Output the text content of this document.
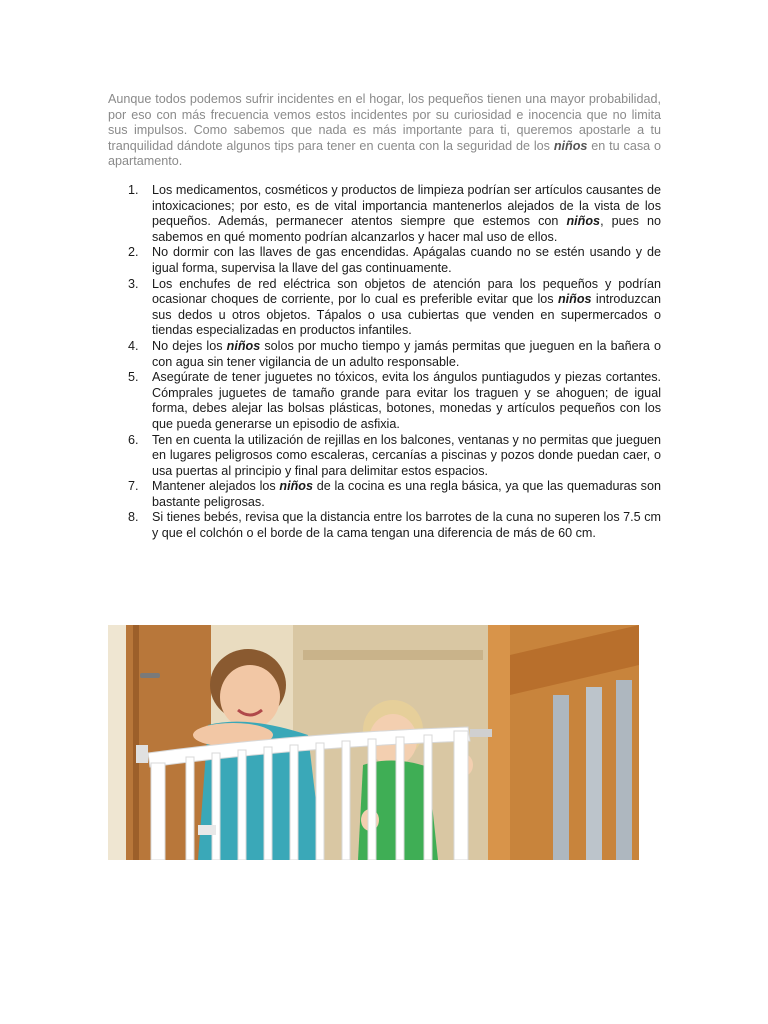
Aunque todos podemos sufrir incidentes en el hogar, los pequeños tienen una mayor probabilidad, por eso con más frecuencia vemos estos incidentes por su curiosidad e inocencia que no limita sus impulsos. Como sabemos que nada es más importante para ti, queremos apostarle a tu tranquilidad dándote algunos tips para tener en cuenta con la seguridad de los niños en tu casa o apartamento.

1. Los medicamentos, cosméticos y productos de limpieza podrían ser artículos causantes de intoxicaciones; por esto, es de vital importancia mantenerlos alejados de la vista de los pequeños. Además, permanecer atentos siempre que estemos con niños, pues no sabemos en qué momento podrían alcanzarlos y hacer mal uso de ellos.
2. No dormir con las llaves de gas encendidas. Apágalas cuando no se estén usando y de igual forma, supervisa la llave del gas continuamente.
3. Los enchufes de red eléctrica son objetos de atención para los pequeños y podrían ocasionar choques de corriente, por lo cual es preferible evitar que los niños introduzcan sus dedos u otros objetos. Tápalos o usa cubiertas que venden en supermercados o tiendas especializadas en productos infantiles.
4. No dejes los niños solos por mucho tiempo y jamás permitas que jueguen en la bañera o con agua sin tener vigilancia de un adulto responsable.
5. Asegúrate de tener juguetes no tóxicos, evita los ángulos puntiagudos y piezas cortantes. Cómprales juguetes de tamaño grande para evitar los traguen y se ahoguen; de igual forma, debes alejar las bolsas plásticas, botones, monedas y artículos pequeños con los que pueda generarse un episodio de asfixia.
6. Ten en cuenta la utilización de rejillas en los balcones, ventanas y no permitas que jueguen en lugares peligrosos como escaleras, cercanías a piscinas y pozos donde puedan caer, o usa puertas al principio y final para delimitar estos espacios.
7. Mantener alejados los niños de la cocina es una regla básica, ya que las quemaduras son bastante peligrosas.
8. Si tienes bebés, revisa que la distancia entre los barrotes de la cuna no superen los 7.5 cm y que el colchón o el borde de la cama tengan una diferencia de más de 60 cm.
